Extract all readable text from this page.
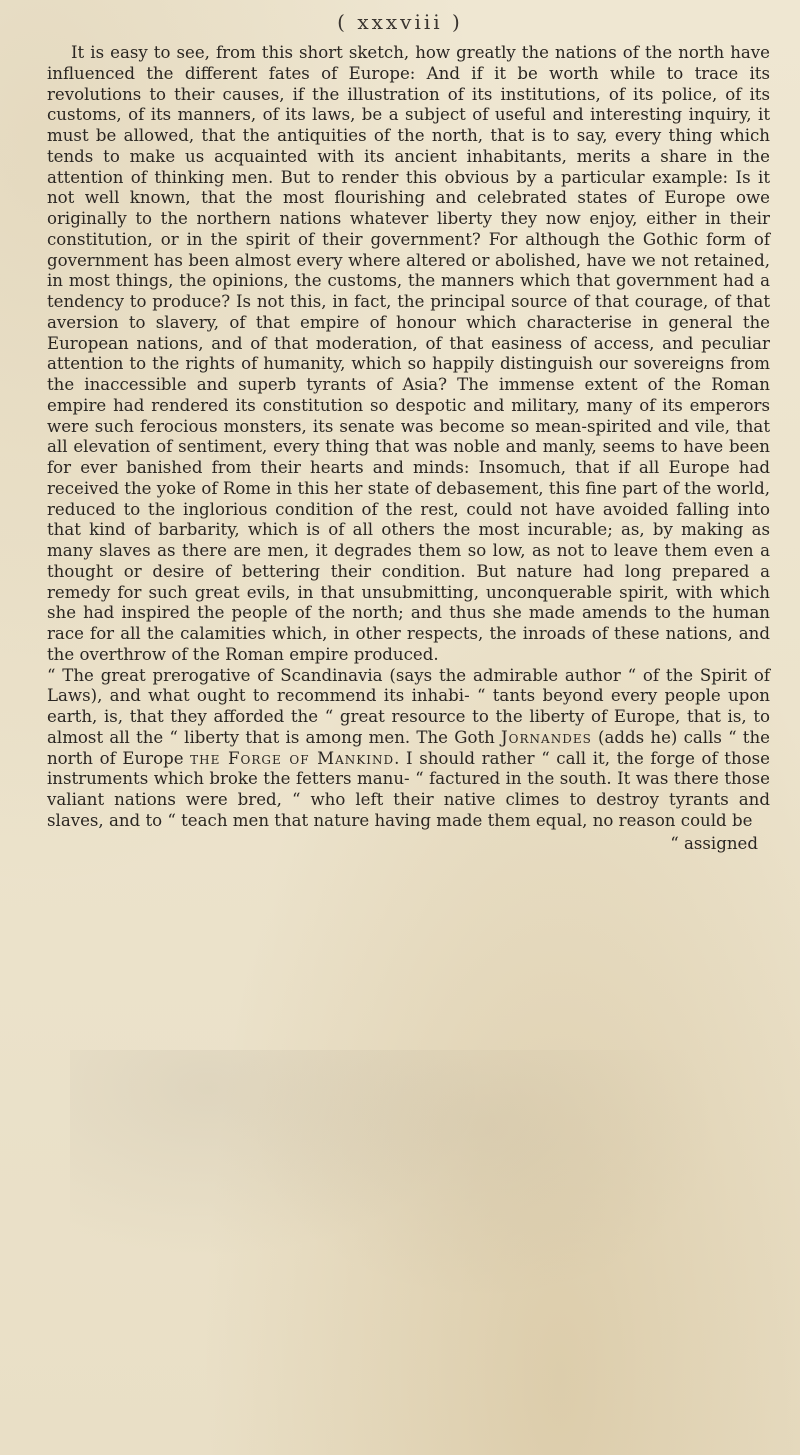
( xxxviii )

It is easy to see, from this short sketch, how greatly the nations of the north have influenced the different fates of Europe: And if it be worth while to trace its revolutions to their causes, if the illustration of its institutions, of its police, of its customs, of its manners, of its laws, be a subject of useful and interesting inquiry, it must be allowed, that the antiquities of the north, that is to say, every thing which tends to make us acquainted with its ancient inhabitants, merits a share in the attention of thinking men. But to render this obvious by a particular example: Is it not well known, that the most flourishing and celebrated states of Europe owe originally to the northern nations whatever liberty they now enjoy, either in their constitution, or in the spirit of their government? For although the Gothic form of government has been almost every where altered or abolished, have we not retained, in most things, the opinions, the customs, the manners which that government had a tendency to produce? Is not this, in fact, the principal source of that courage, of that aversion to slavery, of that empire of honour which characterise in general the European nations, and of that moderation, of that easiness of access, and peculiar attention to the rights of humanity, which so happily distinguish our sovereigns from the inaccessible and superb tyrants of Asia? The immense extent of the Roman empire had rendered its constitution so despotic and military, many of its emperors were such ferocious monsters, its senate was become so mean-spirited and vile, that all elevation of sentiment, every thing that was noble and manly, seems to have been for ever banished from their hearts and minds: Insomuch, that if all Europe had received the yoke of Rome in this her state of debasement, this fine part of the world, reduced to the inglorious condition of the rest, could not have avoided falling into that kind of barbarity, which is of all others the most incurable; as, by making as many slaves as there are men, it degrades them so low, as not to leave them even a thought or desire of bettering their condition. But nature had long prepared a remedy for such great evils, in that unsubmitting, unconquerable spirit, with which she had inspired the people of the north; and thus she made amends to the human race for all the calamities which, in other respects, the inroads of these nations, and the overthrow of the Roman empire produced.

“ The great prerogative of Scandinavia (says the admirable author “ of the Spirit of Laws), and what ought to recommend its inhabi- “ tants beyond every people upon earth, is, that they afforded the “ great resource to the liberty of Europe, that is, to almost all the “ liberty that is among men. The Goth Jornandes (adds he) calls “ the north of Europe the Forge of Mankind. I should rather “ call it, the forge of those instruments which broke the fetters manu- “ factured in the south. It was there those valiant nations were bred, “ who left their native climes to destroy tyrants and slaves, and to “ teach men that nature having made them equal, no reason could be

“ assigned
